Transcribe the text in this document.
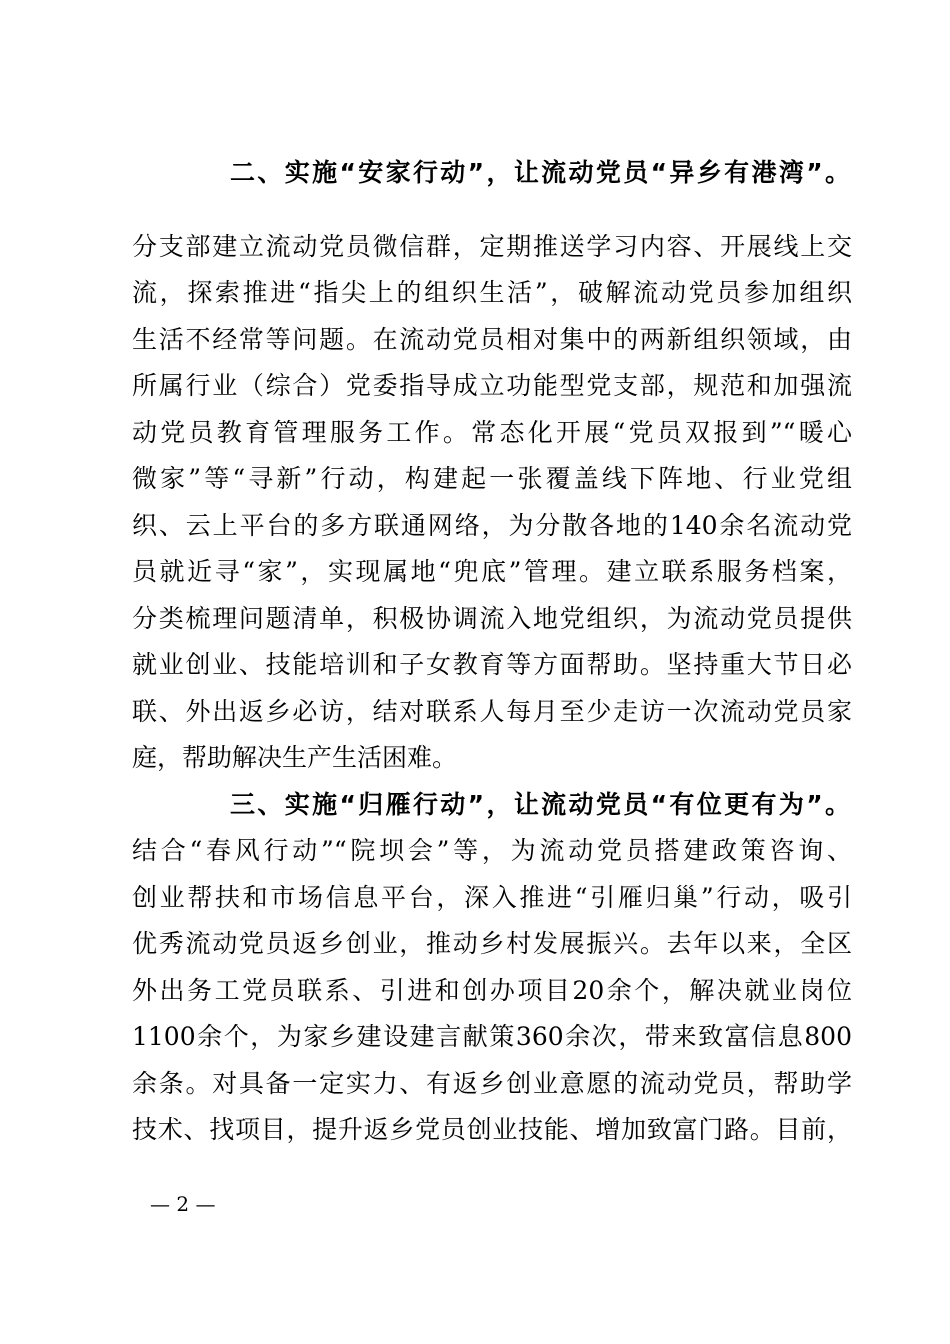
二、实施“安家行动”，让流动党员“异乡有港湾”。
分支部建立流动党员微信群，定期推送学习内容、开展线上交
流，探索推进“指尖上的组织生活”，破解流动党员参加组织
生活不经常等问题。在流动党员相对集中的两新组织领域，由
所属行业（综合）党委指导成立功能型党支部，规范和加强流
动党员教育管理服务工作。常态化开展“党员双报到”“暖心
微家”等“寻新”行动，构建起一张覆盖线下阵地、行业党组
织、云上平台的多方联通网络，为分散各地的140余名流动党
员就近寻“家”，实现属地“兜底”管理。建立联系服务档案，
分类梳理问题清单，积极协调流入地党组织，为流动党员提供
就业创业、技能培训和子女教育等方面帮助。坚持重大节日必
联、外出返乡必访，结对联系人每月至少走访一次流动党员家
庭，帮助解决生产生活困难。
三、实施“归雁行动”，让流动党员“有位更有为”。
结合“春风行动”“院坝会”等，为流动党员搭建政策咨询、
创业帮扶和市场信息平台，深入推进“引雁归巢”行动，吸引
优秀流动党员返乡创业，推动乡村发展振兴。去年以来，全区
外出务工党员联系、引进和创办项目20余个，解决就业岗位
1100余个，为家乡建设建言献策360余次，带来致富信息800
余条。对具备一定实力、有返乡创业意愿的流动党员，帮助学
技术、找项目，提升返乡党员创业技能、增加致富门路。目前，
— 2 —
